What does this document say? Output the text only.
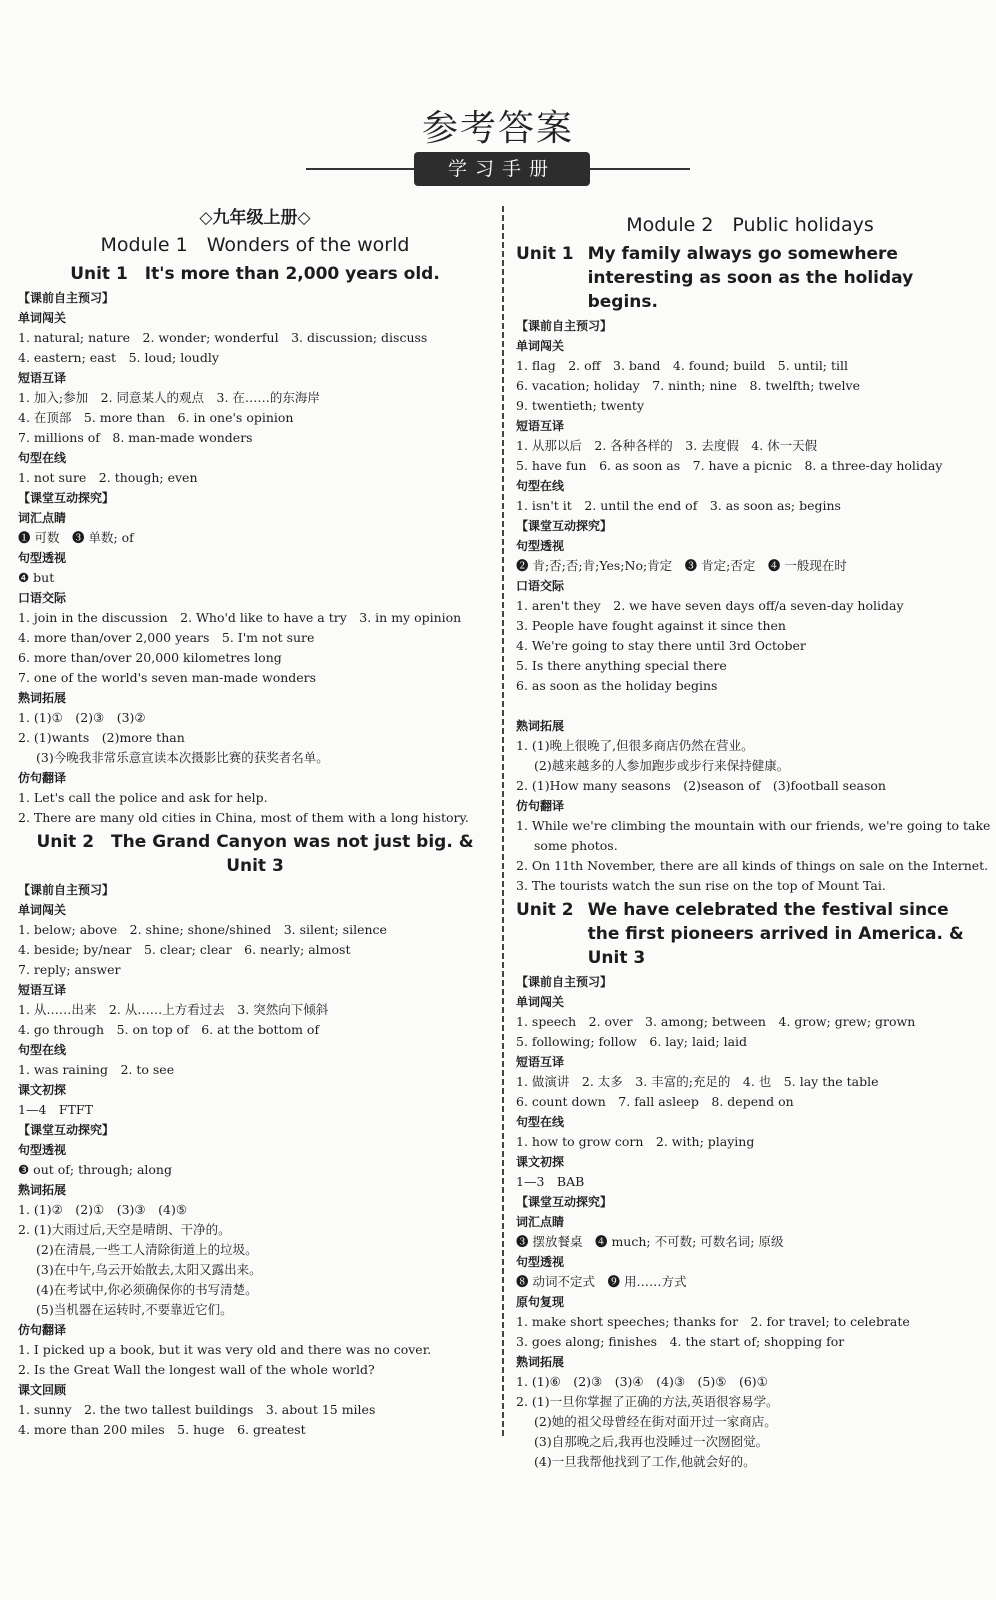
参考答案
学习手册
◇九年级上册◇
Module 1　Wonders of the world
Unit 1　It's more than 2,000 years old.
【课前自主预习】
单词闯关
1. natural; nature　2. wonder; wonderful　3. discussion; discuss
4. eastern; east　5. loud; loudly
短语互译
1. 加入;参加　2. 同意某人的观点　3. 在……的东海岸
4. 在顶部　5. more than　6. in one's opinion
7. millions of　8. man-made wonders
句型在线
1. not sure　2. though; even
【课堂互动探究】
词汇点睛
❶ 可数　❸ 单数; of
句型透视
❹ but
口语交际
1. join in the discussion　2. Who'd like to have a try　3. in my opinion
4. more than/over 2,000 years　5. I'm not sure
6. more than/over 20,000 kilometres long
7. one of the world's seven man-made wonders
熟词拓展
1. (1)①　(2)③　(3)②
2. (1)wants　(2)more than
(3)今晚我非常乐意宣读本次摄影比赛的获奖者名单。
仿句翻译
1. Let's call the police and ask for help.
2. There are many old cities in China, most of them with a long history.
Unit 2　The Grand Canyon was not just big. & Unit 3
【课前自主预习】
单词闯关
1. below; above　2. shine; shone/shined　3. silent; silence
4. beside; by/near　5. clear; clear　6. nearly; almost
7. reply; answer
短语互译
1. 从……出来　2. 从……上方看过去　3. 突然向下倾斜
4. go through　5. on top of　6. at the bottom of
句型在线
1. was raining　2. to see
课文初探
1—4　FTFT
【课堂互动探究】
句型透视
❸ out of; through; along
熟词拓展
1. (1)②　(2)①　(3)③　(4)⑤
2. (1)大雨过后,天空是晴朗、干净的。
(2)在清晨,一些工人清除街道上的垃圾。
(3)在中午,乌云开始散去,太阳又露出来。
(4)在考试中,你必须确保你的书写清楚。
(5)当机器在运转时,不要靠近它们。
仿句翻译
1. I picked up a book, but it was very old and there was no cover.
2. Is the Great Wall the longest wall of the whole world?
课文回顾
1. sunny　2. the two tallest buildings　3. about 15 miles
4. more than 200 miles　5. huge　6. greatest
Module 2　Public holidays
Unit 1 My family always go somewhere interesting as soon as the holiday begins.
【课前自主预习】
单词闯关
1. flag　2. off　3. band　4. found; build　5. until; till
6. vacation; holiday　7. ninth; nine　8. twelfth; twelve
9. twentieth; twenty
短语互译
1. 从那以后　2. 各种各样的　3. 去度假　4. 休一天假
5. have fun　6. as soon as　7. have a picnic　8. a three-day holiday
句型在线
1. isn't it　2. until the end of　3. as soon as; begins
【课堂互动探究】
句型透视
❷ 肯;否;否;肯;Yes;No;肯定　❸ 肯定;否定　❹ 一般现在时
口语交际
1. aren't they　2. we have seven days off/a seven-day holiday
3. People have fought against it since then
4. We're going to stay there until 3rd October
5. Is there anything special there
6. as soon as the holiday begins
熟词拓展
1. (1)晚上很晚了,但很多商店仍然在营业。
(2)越来越多的人参加跑步或步行来保持健康。
2. (1)How many seasons　(2)season of　(3)football season
仿句翻译
1. While we're climbing the mountain with our friends, we're going to take
some photos.
2. On 11th November, there are all kinds of things on sale on the Internet.
3. The tourists watch the sun rise on the top of Mount Tai.
Unit 2 We have celebrated the festival since the first pioneers arrived in America. & Unit 3
【课前自主预习】
单词闯关
1. speech　2. over　3. among; between　4. grow; grew; grown
5. following; follow　6. lay; laid; laid
短语互译
1. 做演讲　2. 太多　3. 丰富的;充足的　4. 也　5. lay the table
6. count down　7. fall asleep　8. depend on
句型在线
1. how to grow corn　2. with; playing
课文初探
1—3　BAB
【课堂互动探究】
词汇点睛
❸ 摆放餐桌　❹ much; 不可数; 可数名词; 原级
句型透视
❽ 动词不定式　❾ 用……方式
原句复现
1. make short speeches; thanks for　2. for travel; to celebrate
3. goes along; finishes　4. the start of; shopping for
熟词拓展
1. (1)⑥　(2)③　(3)④　(4)③　(5)⑤　(6)①
2. (1)一旦你掌握了正确的方法,英语很容易学。
(2)她的祖父母曾经在街对面开过一家商店。
(3)自那晚之后,我再也没睡过一次囫囵觉。
(4)一旦我帮他找到了工作,他就会好的。
